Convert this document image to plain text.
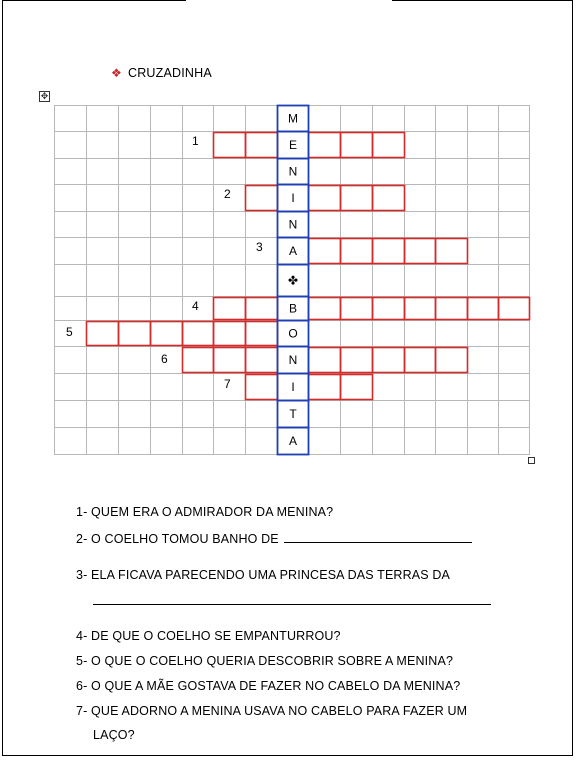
❖ CRUZADINHA
✥
M
E
N
I
N
A
✤
B
O
N
I
T
A
1
2
3
4
5
6
7
1- QUEM ERA O ADMIRADOR DA MENINA?
2- O COELHO TOMOU BANHO DE
3- ELA FICAVA PARECENDO UMA PRINCESA DAS TERRAS DA
4- DE QUE O COELHO SE EMPANTURROU?
5- O QUE O COELHO QUERIA DESCOBRIR SOBRE A MENINA?
6- O QUE A MÃE GOSTAVA DE FAZER NO CABELO DA MENINA?
7- QUE ADORNO A MENINA USAVA NO CABELO PARA FAZER UM
LAÇO?
